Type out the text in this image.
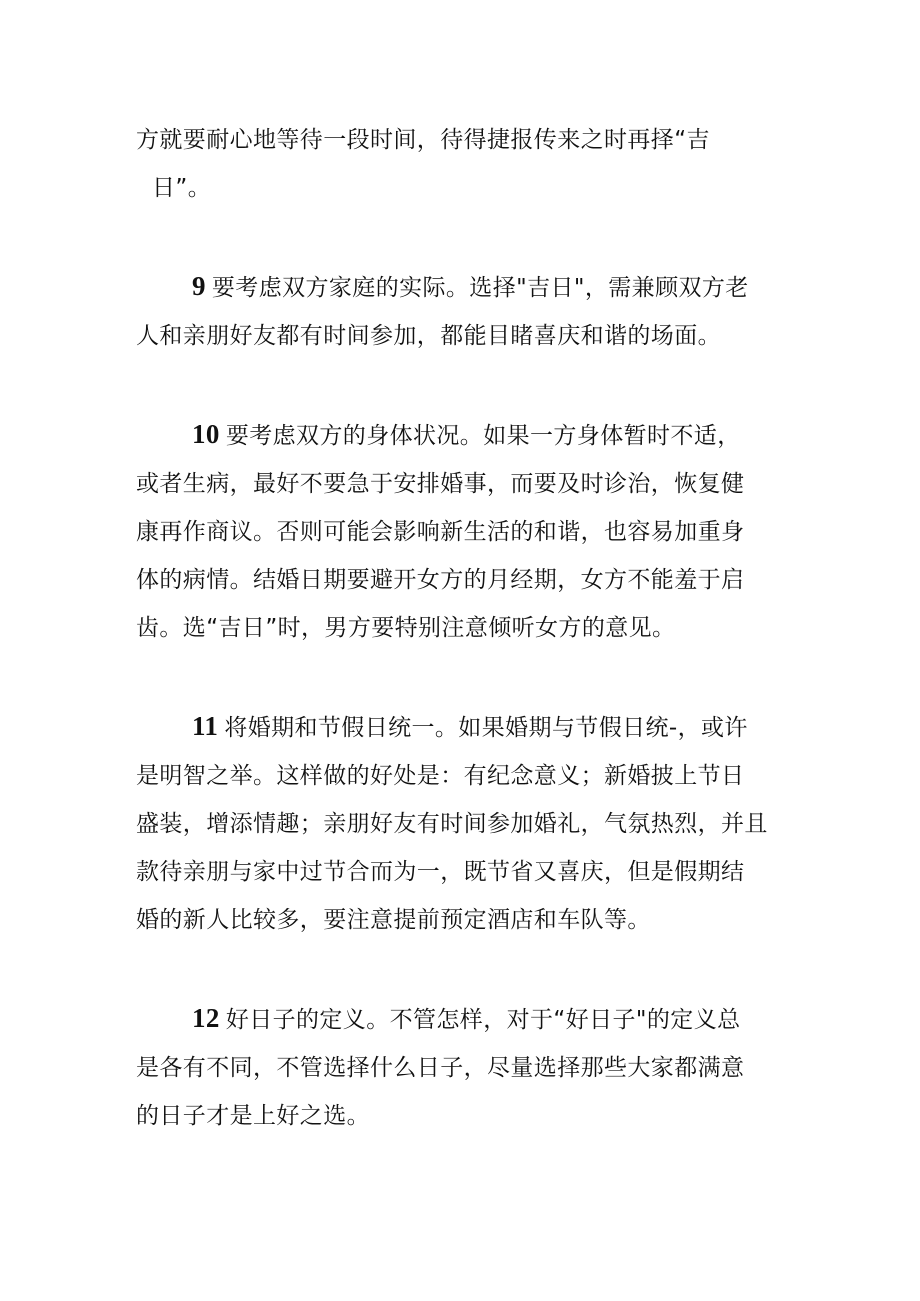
方就要耐心地等待一段时间，待得捷报传来之时再择“吉
日”。

9 要考虑双方家庭的实际。选择"吉日"，需兼顾双方老
人和亲朋好友都有时间参加，都能目睹喜庆和谐的场面。

10 要考虑双方的身体状况。如果一方身体暂时不适，
或者生病，最好不要急于安排婚事，而要及时诊治，恢复健
康再作商议。否则可能会影响新生活的和谐，也容易加重身
体的病情。结婚日期要避开女方的月经期，女方不能羞于启
齿。选“吉日”时，男方要特别注意倾听女方的意见。

11 将婚期和节假日统一。如果婚期与节假日统-，或许
是明智之举。这样做的好处是：有纪念意义；新婚披上节日
盛装，增添情趣；亲朋好友有时间参加婚礼，气氛热烈，并且
款待亲朋与家中过节合而为一，既节省又喜庆，但是假期结
婚的新人比较多，要注意提前预定酒店和车队等。

12 好日子的定义。不管怎样，对于“好日子"的定义总
是各有不同，不管选择什么日子，尽量选择那些大家都满意
的日子才是上好之选。
